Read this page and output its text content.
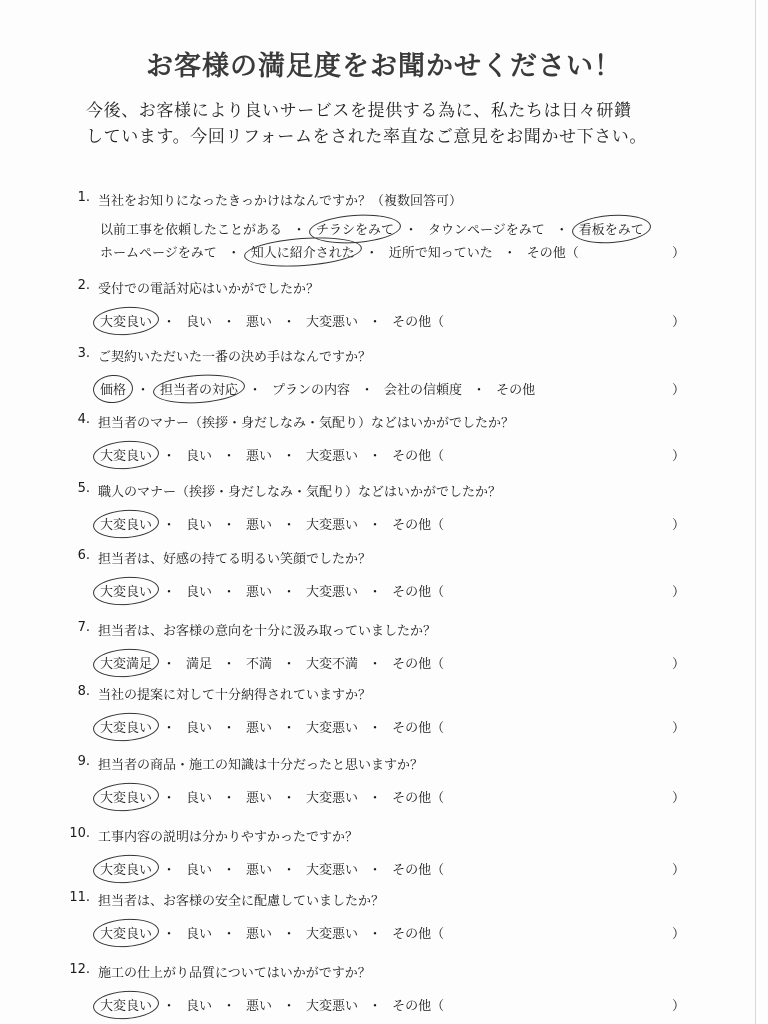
お客様の満足度をお聞かせください！

今後、お客様により良いサービスを提供する為に、私たちは日々研鑽

しています。今回リフォームをされた率直なご意見をお聞かせ下さい。

1. 当社をお知りになったきっかけはなんですか？（複数回答可）
以前工事を依頼したことがある ・ チラシをみて ・ タウンページをみて ・ 看板をみて
ホームページをみて ・ 知人に紹介された ・ 近所で知っていた ・ その他（	）
2. 受付での電話対応はいかがでしたか？
大変良い ・ 良い ・ 悪い ・ 大変悪い ・ その他（	）
3. ご契約いただいた一番の決め手はなんですか？
価格 ・ 担当者の対応 ・ プランの内容 ・ 会社の信頼度 ・ その他	）
4. 担当者のマナー（挨拶・身だしなみ・気配り）などはいかがでしたか？
大変良い ・ 良い ・ 悪い ・ 大変悪い ・ その他（	）
5. 職人のマナー（挨拶・身だしなみ・気配り）などはいかがでしたか？
大変良い ・ 良い ・ 悪い ・ 大変悪い ・ その他（	）
6. 担当者は、好感の持てる明るい笑顔でしたか？
大変良い ・ 良い ・ 悪い ・ 大変悪い ・ その他（	）
7. 担当者は、お客様の意向を十分に汲み取っていましたか？
大変満足 ・ 満足 ・ 不満 ・ 大変不満 ・ その他（	）
8. 当社の提案に対して十分納得されていますか？
大変良い ・ 良い ・ 悪い ・ 大変悪い ・ その他（	）
9. 担当者の商品・施工の知識は十分だったと思いますか？
大変良い ・ 良い ・ 悪い ・ 大変悪い ・ その他（	）
10. 工事内容の説明は分かりやすかったですか？
大変良い ・ 良い ・ 悪い ・ 大変悪い ・ その他（	）
11. 担当者は、お客様の安全に配慮していましたか？
大変良い ・ 良い ・ 悪い ・ 大変悪い ・ その他（	）
12. 施工の仕上がり品質についてはいかがですか？
大変良い ・ 良い ・ 悪い ・ 大変悪い ・ その他（	）
